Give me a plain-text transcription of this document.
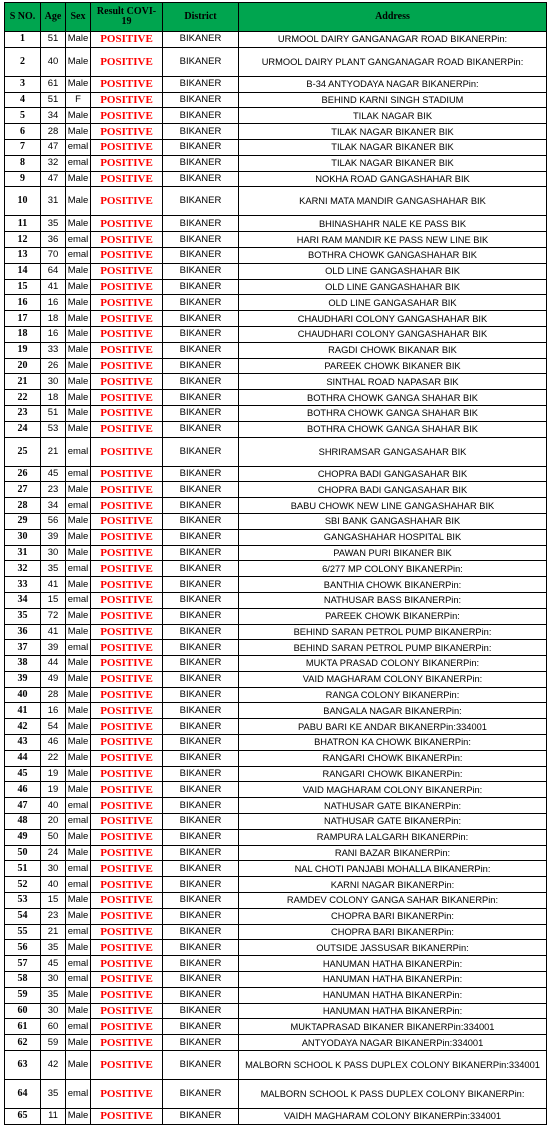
S NO.	Age	Sex	Result COVI-19	District	Address
1	51	Male	POSITIVE	BIKANER	URMOOL DAIRY GANGANAGAR ROAD BIKANERPin:
2	40	Male	POSITIVE	BIKANER	URMOOL DAIRY PLANT GANGANAGAR ROAD BIKANERPin:
3	61	Male	POSITIVE	BIKANER	B-34 ANTYODAYA NAGAR BIKANERPin:
4	51	F	POSITIVE	BIKANER	BEHIND KARNI SINGH STADIUM
5	34	Male	POSITIVE	BIKANER	TILAK NAGAR BIK
6	28	Male	POSITIVE	BIKANER	TILAK NAGAR BIKANER BIK
7	47	emal	POSITIVE	BIKANER	TILAK NAGAR BIKANER BIK
8	32	emal	POSITIVE	BIKANER	TILAK NAGAR BIKANER BIK
9	47	Male	POSITIVE	BIKANER	NOKHA ROAD GANGASHAHAR BIK
10	31	Male	POSITIVE	BIKANER	KARNI MATA MANDIR GANGASHAHAR BIK
11	35	Male	POSITIVE	BIKANER	BHINASHAHR NALE KE PASS BIK
12	36	emal	POSITIVE	BIKANER	HARI RAM MANDIR KE PASS NEW LINE BIK
13	70	emal	POSITIVE	BIKANER	BOTHRA CHOWK GANGASHAHAR BIK
14	64	Male	POSITIVE	BIKANER	OLD LINE GANGASHAHAR BIK
15	41	Male	POSITIVE	BIKANER	OLD LINE GANGASHAHAR BIK
16	16	Male	POSITIVE	BIKANER	OLD LINE GANGASAHAR BIK
17	18	Male	POSITIVE	BIKANER	CHAUDHARI COLONY GANGASHAHAR BIK
18	16	Male	POSITIVE	BIKANER	CHAUDHARI COLONY GANGASHAHAR BIK
19	33	Male	POSITIVE	BIKANER	RAGDI CHOWK BIKANAR BIK
20	26	Male	POSITIVE	BIKANER	PAREEK CHOWK BIKANER BIK
21	30	Male	POSITIVE	BIKANER	SINTHAL ROAD NAPASAR BIK
22	18	Male	POSITIVE	BIKANER	BOTHRA CHOWK GANGA SHAHAR BIK
23	51	Male	POSITIVE	BIKANER	BOTHRA CHOWK GANGA SHAHAR BIK
24	53	Male	POSITIVE	BIKANER	BOTHRA CHOWK GANGA SHAHAR BIK
25	21	emal	POSITIVE	BIKANER	SHRIRAMSAR GANGASAHAR BIK
26	45	emal	POSITIVE	BIKANER	CHOPRA BADI GANGASAHAR BIK
27	23	Male	POSITIVE	BIKANER	CHOPRA BADI GANGASAHAR BIK
28	34	emal	POSITIVE	BIKANER	BABU CHOWK NEW LINE GANGASHAHAR BIK
29	56	Male	POSITIVE	BIKANER	SBI BANK GANGASHAHAR BIK
30	39	Male	POSITIVE	BIKANER	GANGASHAHAR HOSPITAL BIK
31	30	Male	POSITIVE	BIKANER	PAWAN PURI BIKANER BIK
32	35	emal	POSITIVE	BIKANER	6/277 MP COLONY BIKANERPin:
33	41	Male	POSITIVE	BIKANER	BANTHIA CHOWK BIKANERPin:
34	15	emal	POSITIVE	BIKANER	NATHUSAR BASS BIKANERPin:
35	72	Male	POSITIVE	BIKANER	PAREEK CHOWK BIKANERPin:
36	41	Male	POSITIVE	BIKANER	BEHIND SARAN PETROL PUMP BIKANERPin:
37	39	emal	POSITIVE	BIKANER	BEHIND SARAN PETROL PUMP BIKANERPin:
38	44	Male	POSITIVE	BIKANER	MUKTA PRASAD COLONY BIKANERPin:
39	49	Male	POSITIVE	BIKANER	VAID MAGHARAM COLONY BIKANERPin:
40	28	Male	POSITIVE	BIKANER	RANGA COLONY BIKANERPin:
41	16	Male	POSITIVE	BIKANER	BANGALA NAGAR BIKANERPin:
42	54	Male	POSITIVE	BIKANER	PABU BARI KE ANDAR BIKANERPin:334001
43	46	Male	POSITIVE	BIKANER	BHATRON KA CHOWK BIKANERPin:
44	22	Male	POSITIVE	BIKANER	RANGARI CHOWK BIKANERPin:
45	19	Male	POSITIVE	BIKANER	RANGARI CHOWK BIKANERPin:
46	19	Male	POSITIVE	BIKANER	VAID MAGHARAM COLONY BIKANERPin:
47	40	emal	POSITIVE	BIKANER	NATHUSAR GATE BIKANERPin:
48	20	emal	POSITIVE	BIKANER	NATHUSAR GATE BIKANERPin:
49	50	Male	POSITIVE	BIKANER	RAMPURA LALGARH BIKANERPin:
50	24	Male	POSITIVE	BIKANER	RANI BAZAR BIKANERPin:
51	30	emal	POSITIVE	BIKANER	NAL CHOTI PANJABI MOHALLA BIKANERPin:
52	40	emal	POSITIVE	BIKANER	KARNI NAGAR BIKANERPin:
53	15	Male	POSITIVE	BIKANER	RAMDEV COLONY GANGA SAHAR BIKANERPin:
54	23	Male	POSITIVE	BIKANER	CHOPRA BARI BIKANERPin:
55	21	emal	POSITIVE	BIKANER	CHOPRA BARI BIKANERPin:
56	35	Male	POSITIVE	BIKANER	OUTSIDE JASSUSAR BIKANERPin:
57	45	emal	POSITIVE	BIKANER	HANUMAN HATHA BIKANERPin:
58	30	emal	POSITIVE	BIKANER	HANUMAN HATHA BIKANERPin:
59	35	Male	POSITIVE	BIKANER	HANUMAN HATHA BIKANERPin:
60	30	Male	POSITIVE	BIKANER	HANUMAN HATHA BIKANERPin:
61	60	emal	POSITIVE	BIKANER	MUKTAPRASAD BIKANER BIKANERPin:334001
62	59	Male	POSITIVE	BIKANER	ANTYODAYA NAGAR BIKANERPin:334001
63	42	Male	POSITIVE	BIKANER	MALBORN SCHOOL K PASS DUPLEX COLONY BIKANERPin:334001
64	35	emal	POSITIVE	BIKANER	MALBORN SCHOOL K PASS DUPLEX COLONY BIKANERPin:
65	11	Male	POSITIVE	BIKANER	VAIDH MAGHARAM COLONY BIKANERPin:334001
